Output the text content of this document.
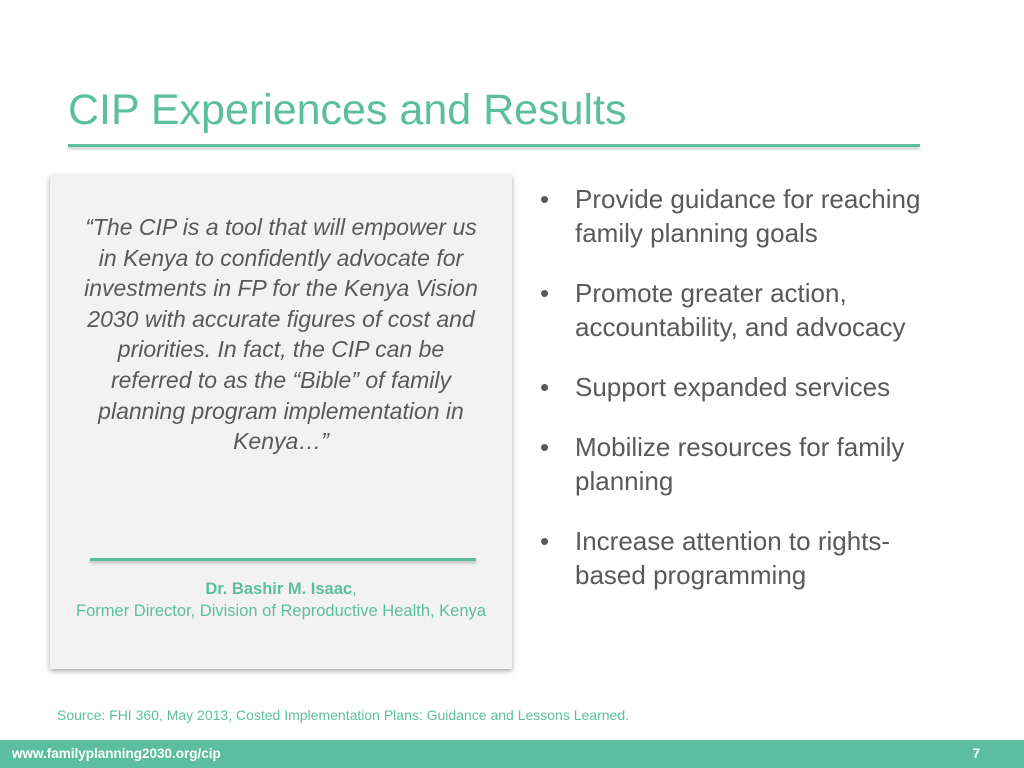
CIP Experiences and Results

“The CIP is a tool that will empower us in Kenya to confidently advocate for investments in FP for the Kenya Vision 2030 with accurate figures of cost and priorities. In fact, the CIP can be referred to as the “Bible” of family planning program implementation in Kenya…”

Dr. Bashir M. Isaac,
Former Director, Division of Reproductive Health, Kenya

• Provide guidance for reaching family planning goals
• Promote greater action, accountability, and advocacy
• Support expanded services
• Mobilize resources for family planning
• Increase attention to rights-based programming

Source: FHI 360, May 2013, Costed Implementation Plans: Guidance and Lessons Learned.

www.familyplanning2030.org/cip	7
